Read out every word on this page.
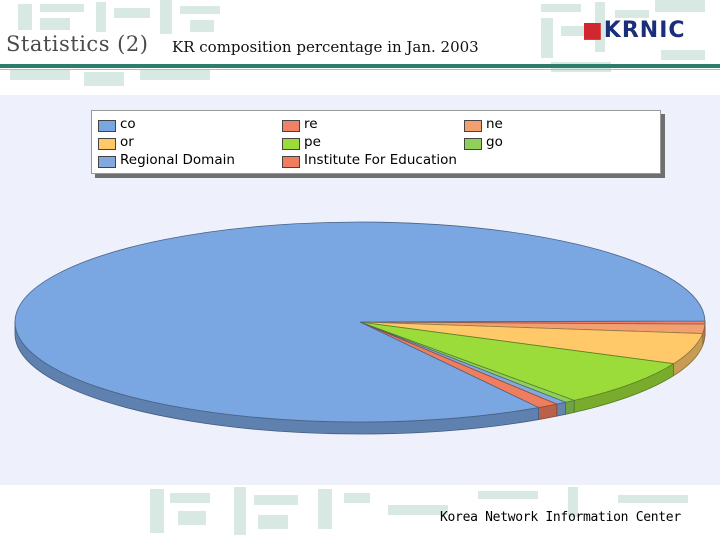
Statistics (2) KR composition percentage in Jan. 2003
■KRNIC
co	re	ne
or	pe	go
Regional Domain	Institute For Education
Korea Network Information Center
